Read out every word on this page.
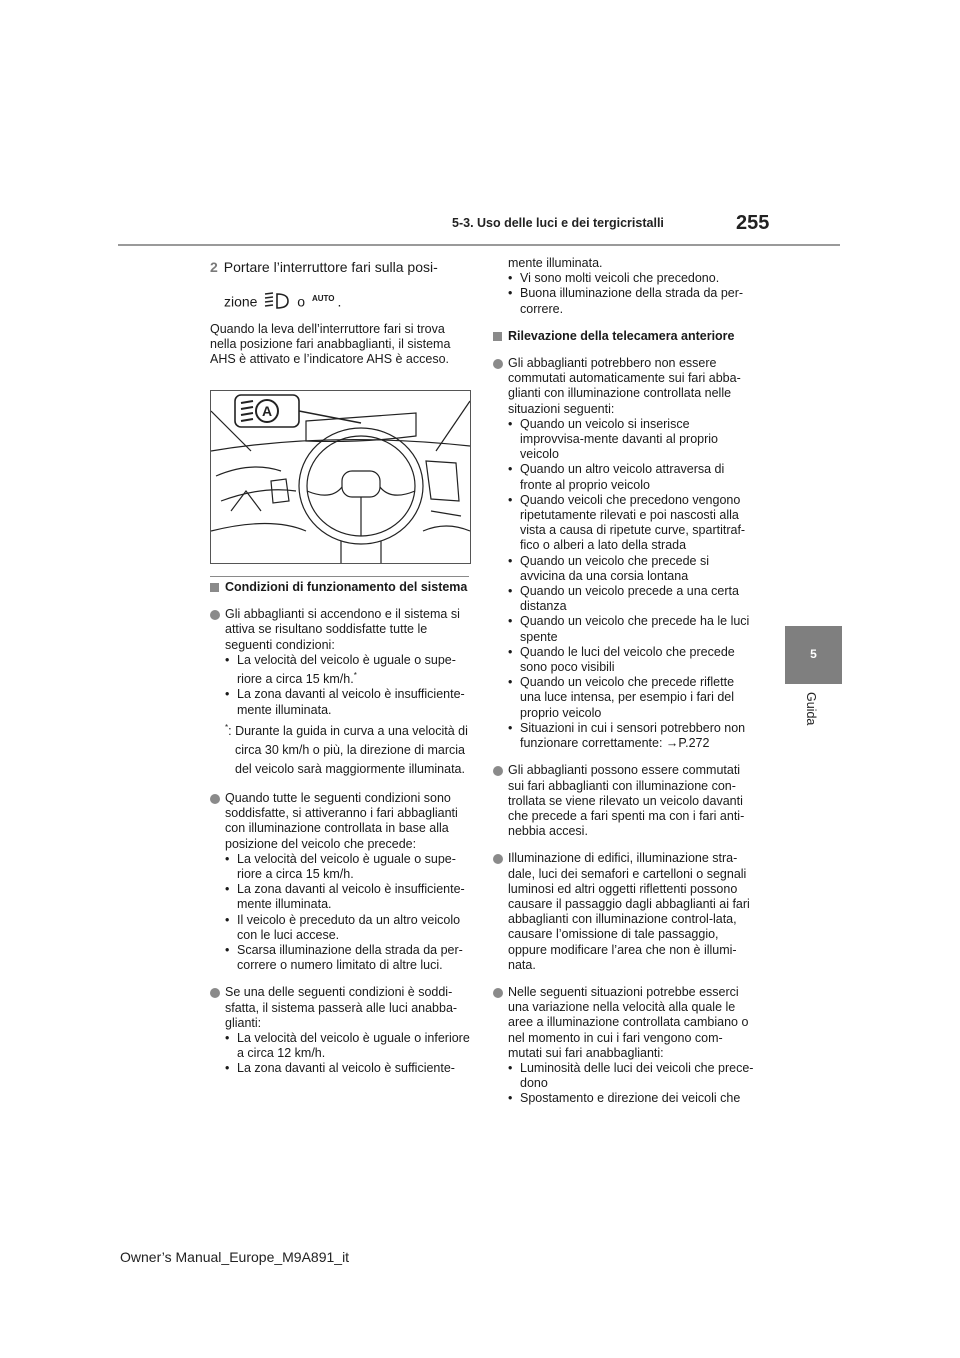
5-3. Uso delle luci e dei tergicristalli	255
5
Guida
2 Portare l’interruttore fari sulla posi-
zione	o AUTO .

Quando la leva dell’interruttore fari si trova nella posizione fari anabbaglianti, il sistema AHS è attivato e l’indicatore AHS è acceso.

A
Condizioni di funzionamento del sistema

Gli abbaglianti si accendono e il sistema si attiva se risultano soddisfatte tutte le seguenti condizioni:

• La velocità del veicolo è uguale o supe-riore a circa 15 km/h.*
• La zona davanti al veicolo è insufficiente-mente illuminata.

*: Durante la guida in curva a una velocità di circa 30 km/h o più, la direzione di marcia del veicolo sarà maggiormente illuminata.

Quando tutte le seguenti condizioni sono soddisfatte, si attiveranno i fari abbaglianti con illuminazione controllata in base alla posizione del veicolo che precede:

• La velocità del veicolo è uguale o supe-riore a circa 15 km/h.
• La zona davanti al veicolo è insufficiente-mente illuminata.
• Il veicolo è preceduto da un altro veicolo con le luci accese.
• Scarsa illuminazione della strada da per-correre o numero limitato di altre luci.

Se una delle seguenti condizioni è soddi-sfatta, il sistema passerà alle luci anabba-glianti:

• La velocità del veicolo è uguale o inferiore a circa 12 km/h.
• La zona davanti al veicolo è sufficiente-

mente illuminata.

• Vi sono molti veicoli che precedono.
• Buona illuminazione della strada da per-correre.
Rilevazione della telecamera anteriore

Gli abbaglianti potrebbero non essere commutati automaticamente sui fari abba-glianti con illuminazione controllata nelle situazioni seguenti:

• Quando un veicolo si inserisce improvvisa-mente davanti al proprio veicolo
• Quando un altro veicolo attraversa di fronte al proprio veicolo
• Quando veicoli che precedono vengono ripetutamente rilevati e poi nascosti alla vista a causa di ripetute curve, spartitraf-fico o alberi a lato della strada
• Quando un veicolo che precede si avvicina da una corsia lontana
• Quando un veicolo precede a una certa distanza
• Quando un veicolo che precede ha le luci spente
• Quando le luci del veicolo che precede sono poco visibili
• Quando un veicolo che precede riflette una luce intensa, per esempio i fari del proprio veicolo
• Situazioni in cui i sensori potrebbero non funzionare correttamente: →P.272

Gli abbaglianti possono essere commutati sui fari abbaglianti con illuminazione con-trollata se viene rilevato un veicolo davanti che precede a fari spenti ma con i fari anti-nebbia accesi.

Illuminazione di edifici, illuminazione stra-dale, luci dei semafori e cartelloni o segnali luminosi ed altri oggetti riflettenti possono causare il passaggio dagli abbaglianti ai fari abbaglianti con illuminazione control-lata, causare l’omissione di tale passaggio, oppure modificare l’area che non è illumi-nata.

Nelle seguenti situazioni potrebbe esserci una variazione nella velocità alla quale le aree a illuminazione controllata cambiano o nel momento in cui i fari vengono com-mutati sui fari anabbaglianti:

• Luminosità delle luci dei veicoli che prece-dono
• Spostamento e direzione dei veicoli che
Owner’s Manual_Europe_M9A891_it
